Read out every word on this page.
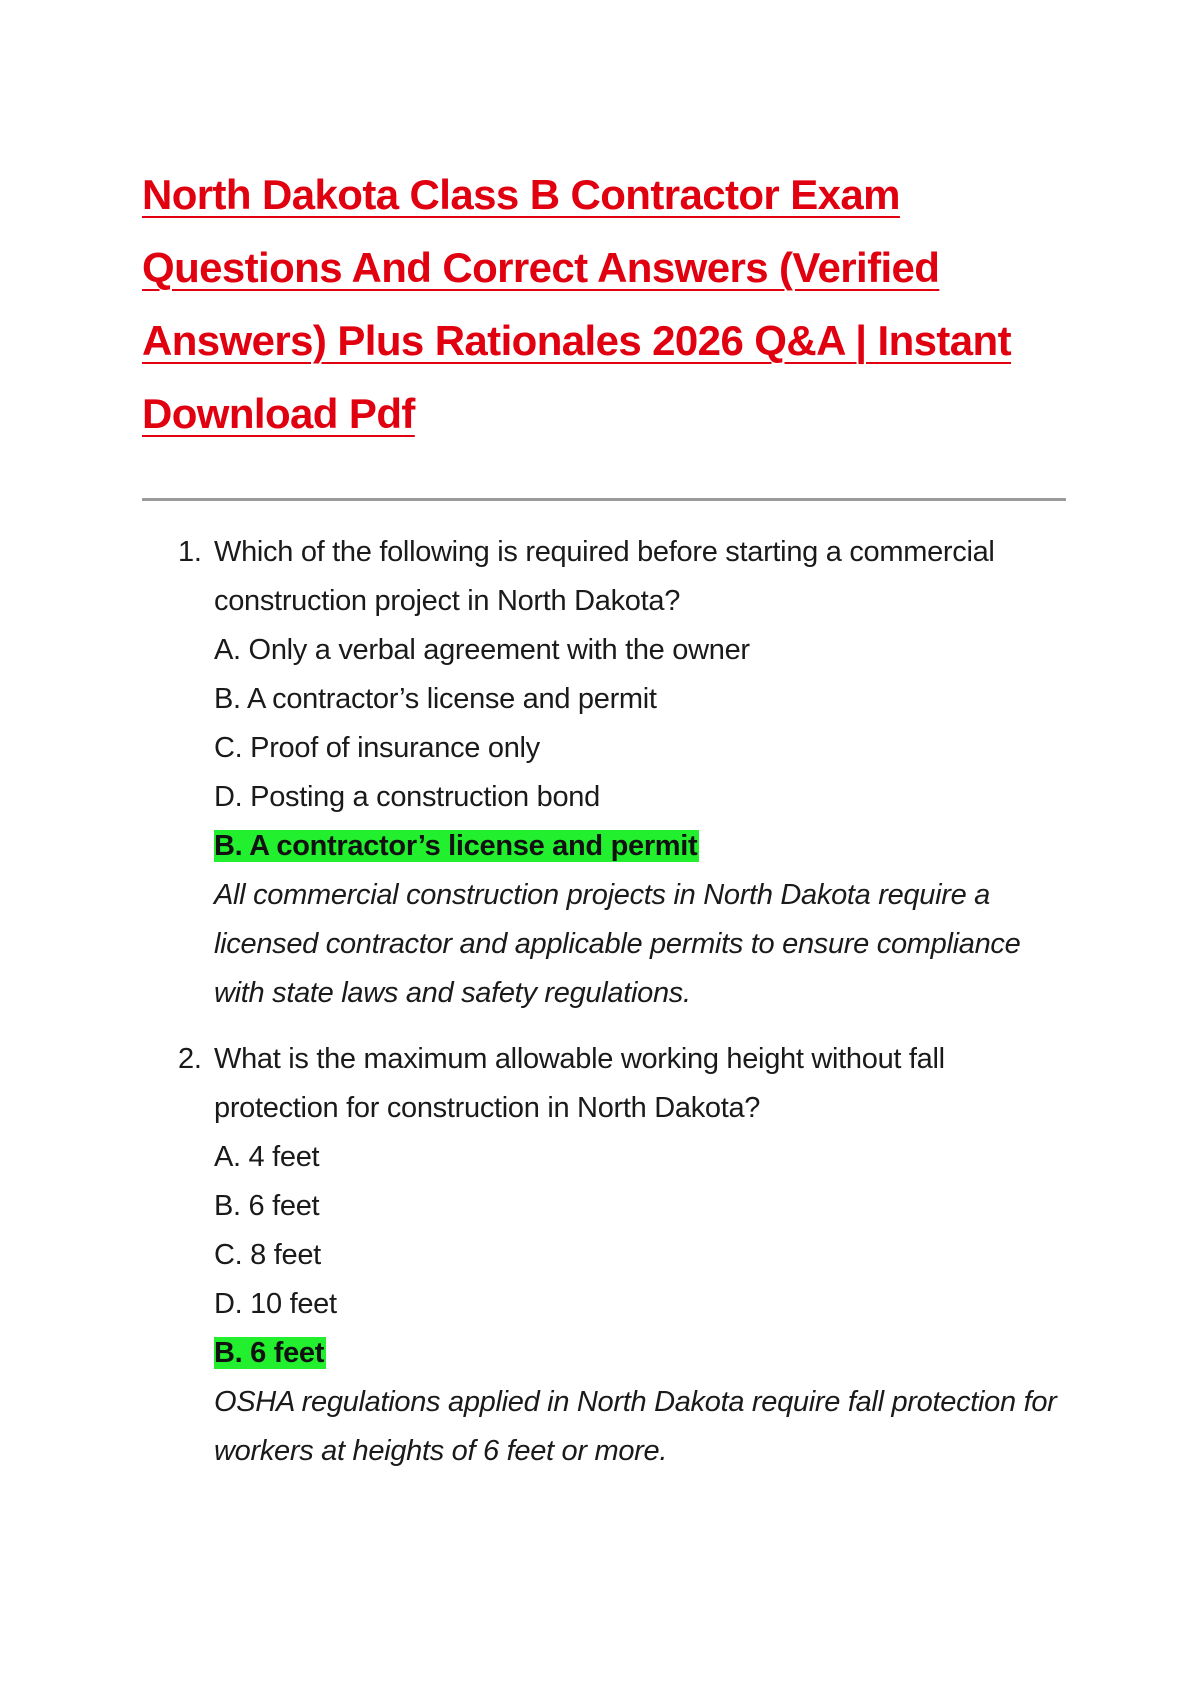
North Dakota Class B Contractor Exam
Questions And Correct Answers (Verified
Answers) Plus Rationales 2026 Q&A | Instant
Download Pdf
1. Which of the following is required before starting a commercial construction project in North Dakota?
A. Only a verbal agreement with the owner
B. A contractor’s license and permit
C. Proof of insurance only
D. Posting a construction bond
B. A contractor’s license and permit
All commercial construction projects in North Dakota require a licensed contractor and applicable permits to ensure compliance with state laws and safety regulations.
2. What is the maximum allowable working height without fall protection for construction in North Dakota?
A. 4 feet
B. 6 feet
C. 8 feet
D. 10 feet
B. 6 feet
OSHA regulations applied in North Dakota require fall protection for workers at heights of 6 feet or more.
